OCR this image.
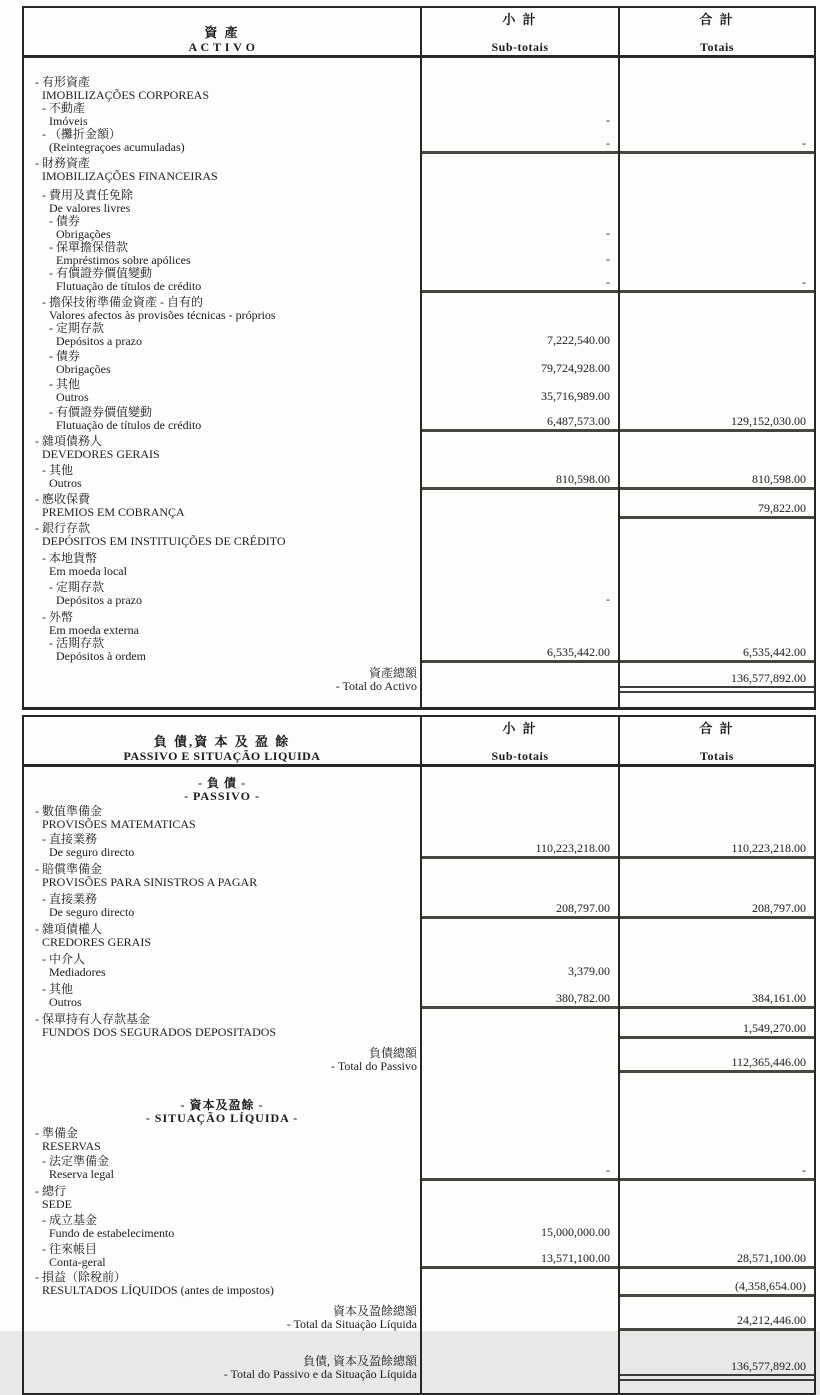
資 產
A C T I V O

小 計
Sub-totais

合 計
Totais

- 有形資產
IMOBILIZAÇÕES CORPOREAS		

- 不動產
Imóveis	-	

- （攤折金額）
(Reintegraçoes acumuladas)	-	-

- 財務資產
IMOBILIZAÇÕES FINANCEIRAS		

- 費用及責任免除
De valores livres		

- 債券
Obrigações	-	

- 保單擔保借款
Empréstimos sobre apólices	-	

- 有價證券價值變動
Flutuação de títulos de crédito	-	-

- 擔保技術準備金資產 - 自有的
Valores afectos às provisões técnicas - próprios		

- 定期存款
Depósitos a prazo	7,222,540.00	

- 債券
Obrigações	79,724,928.00	

- 其他
Outros	35,716,989.00	

- 有價證券價值變動
Flutuação de títulos de crédito	6,487,573.00	129,152,030.00

- 雜項債務人
DEVEDORES GERAIS		

- 其他
Outros	810,598.00	810,598.00

- 應收保費
PREMIOS EM COBRANÇA		79,822.00

- 銀行存款
DEPÓSITOS EM INSTITUIÇÕES DE CRÉDITO		

- 本地貨幣
Em moeda local		

- 定期存款
Depósitos a prazo	-	

- 外幣
Em moeda externa		

- 活期存款
Depósitos à ordem	6,535,442.00	6,535,442.00

資產總額
- Total do Activo		136,577,892.00
負 債,資 本 及 盈 餘
PASSIVO E SITUAÇÃO LIQUIDA

小 計
Sub-totais

合 計
Totais

- 負 債 -
- PASSIVO -		

- 數值準備金
PROVISÕES MATEMATICAS		

- 直接業務
De seguro directo	110,223,218.00	110,223,218.00

- 賠償準備金
PROVISÕES PARA SINISTROS A PAGAR		

- 直接業務
De seguro directo	208,797.00	208,797.00

- 雜項債權人
CREDORES GERAIS		

- 中介人
Mediadores	3,379.00	

- 其他
Outros	380,782.00	384,161.00

- 保單持有人存款基金
FUNDOS DOS SEGURADOS DEPOSITADOS		1,549,270.00

負債總額
- Total do Passivo		112,365,446.00

- 資本及盈餘 -
- SITUAÇÃO LÍQUIDA -		

- 準備金
RESERVAS		

- 法定準備金
Reserva legal	-	-

- 總行
SEDE		

- 成立基金
Fundo de estabelecimento	15,000,000.00	

- 往來帳目
Conta-geral	13,571,100.00	28,571,100.00

- 損益（除稅前）
RESULTADOS LÍQUIDOS (antes de impostos)		(4,358,654.00)

資本及盈餘總額
- Total da Situação Líquida		24,212,446.00

負債, 資本及盈餘總額
- Total do Passivo e da Situação Líquida		136,577,892.00
